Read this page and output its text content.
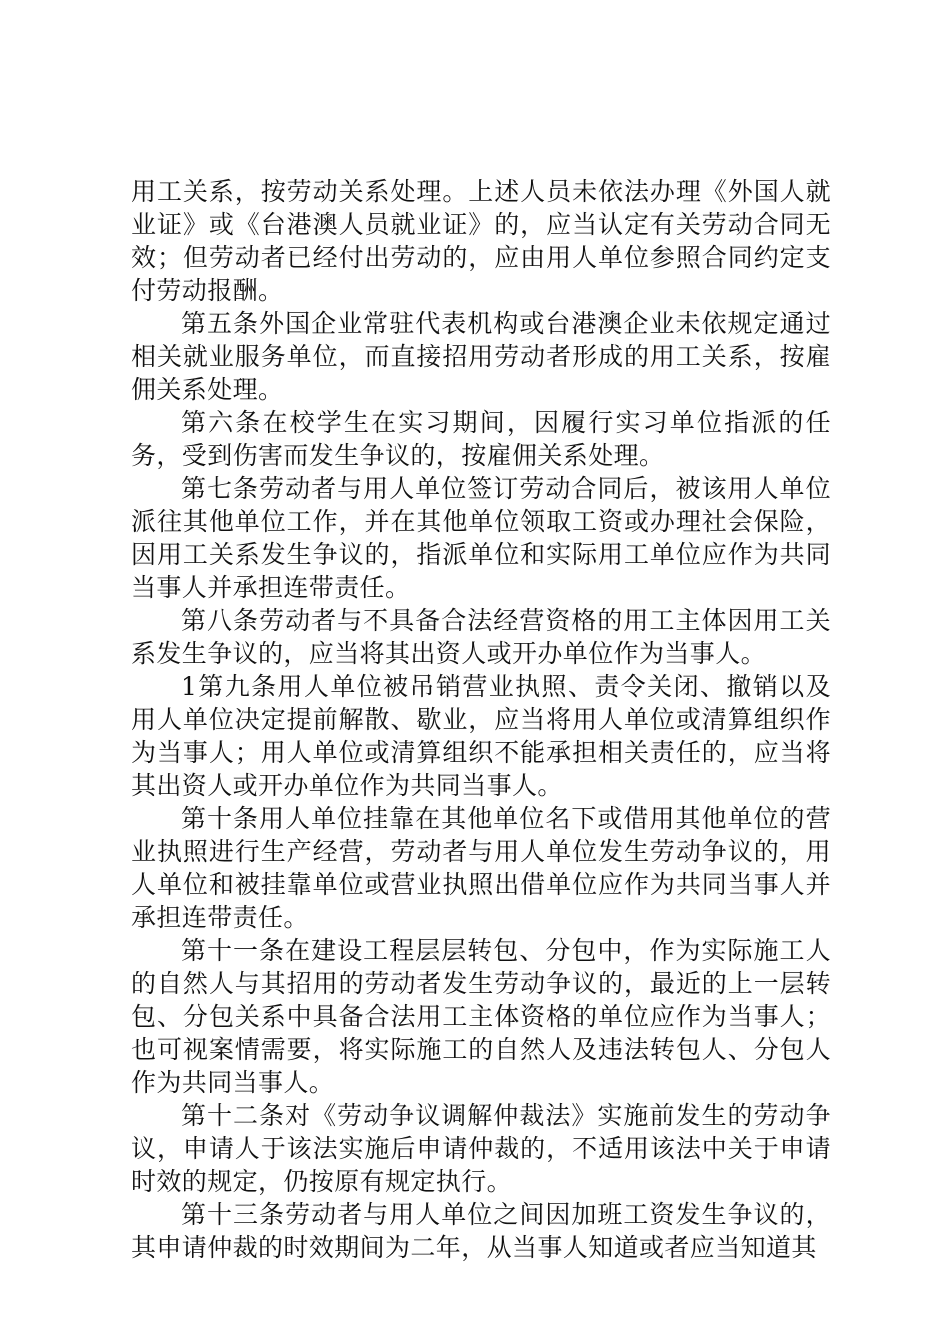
用工关系，按劳动关系处理。上述人员未依法办理《外国人就业证》或《台港澳人员就业证》的，应当认定有关劳动合同无效；但劳动者已经付出劳动的，应由用人单位参照合同约定支付劳动报酬。

第五条外国企业常驻代表机构或台港澳企业未依规定通过相关就业服务单位，而直接招用劳动者形成的用工关系，按雇佣关系处理。

第六条在校学生在实习期间，因履行实习单位指派的任务，受到伤害而发生争议的，按雇佣关系处理。

第七条劳动者与用人单位签订劳动合同后，被该用人单位派往其他单位工作，并在其他单位领取工资或办理社会保险，因用工关系发生争议的，指派单位和实际用工单位应作为共同当事人并承担连带责任。

第八条劳动者与不具备合法经营资格的用工主体因用工关系发生争议的，应当将其出资人或开办单位作为当事人。

1第九条用人单位被吊销营业执照、责令关闭、撤销以及用人单位决定提前解散、歇业，应当将用人单位或清算组织作为当事人；用人单位或清算组织不能承担相关责任的，应当将其出资人或开办单位作为共同当事人。

第十条用人单位挂靠在其他单位名下或借用其他单位的营业执照进行生产经营，劳动者与用人单位发生劳动争议的，用人单位和被挂靠单位或营业执照出借单位应作为共同当事人并承担连带责任。

第十一条在建设工程层层转包、分包中，作为实际施工人的自然人与其招用的劳动者发生劳动争议的，最近的上一层转包、分包关系中具备合法用工主体资格的单位应作为当事人；也可视案情需要，将实际施工的自然人及违法转包人、分包人作为共同当事人。

第十二条对《劳动争议调解仲裁法》实施前发生的劳动争议，申请人于该法实施后申请仲裁的，不适用该法中关于申请时效的规定，仍按原有规定执行。

第十三条劳动者与用人单位之间因加班工资发生争议的，其申请仲裁的时效期间为二年，从当事人知道或者应当知道其
